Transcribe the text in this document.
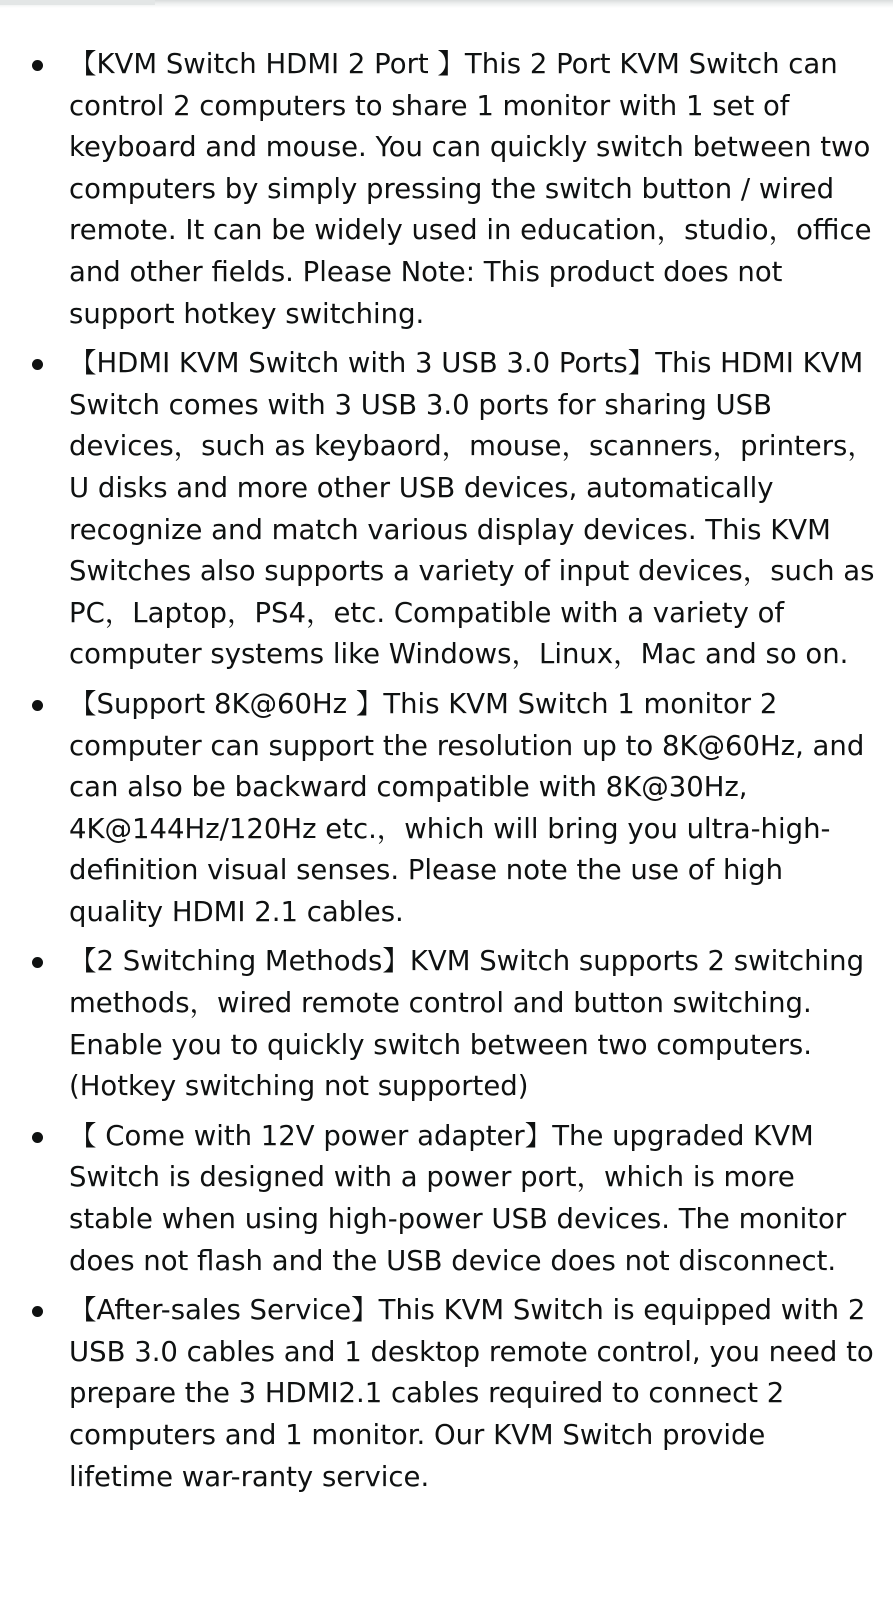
【KVM Switch HDMI 2 Port 】This 2 Port KVM Switch can control 2 computers to share 1 monitor with 1 set of keyboard and mouse. You can quickly switch between two computers by simply pressing the switch button / wired remote. It can be widely used in education，studio，office and other fields. Please Note: This product does not support hotkey switching.
【HDMI KVM Switch with 3 USB 3.0 Ports】This HDMI KVM Switch comes with 3 USB 3.0 ports for sharing USB devices，such as keybaord，mouse，scanners，printers，U disks and more other USB devices, automatically recognize and match various display devices. This KVM Switches also supports a variety of input devices，such as PC，Laptop，PS4，etc. Compatible with a variety of computer systems like Windows，Linux，Mac and so on.
【Support 8K@60Hz 】This KVM Switch 1 monitor 2 computer can support the resolution up to 8K@60Hz, and can also be backward compatible with 8K@30Hz, 4K@144Hz/120Hz etc.，which will bring you ultra-high-definition visual senses. Please note the use of high quality HDMI 2.1 cables.
【2 Switching Methods】KVM Switch supports 2 switching methods，wired remote control and button switching. Enable you to quickly switch between two computers. (Hotkey switching not supported)
【 Come with 12V power adapter】The upgraded KVM Switch is designed with a power port，which is more stable when using high-power USB devices. The monitor does not flash and the USB device does not disconnect.
【After-sales Service】This KVM Switch is equipped with 2 USB 3.0 cables and 1 desktop remote control, you need to prepare the 3 HDMI2.1 cables required to connect 2 computers and 1 monitor. Our KVM Switch provide lifetime war-ranty service.
